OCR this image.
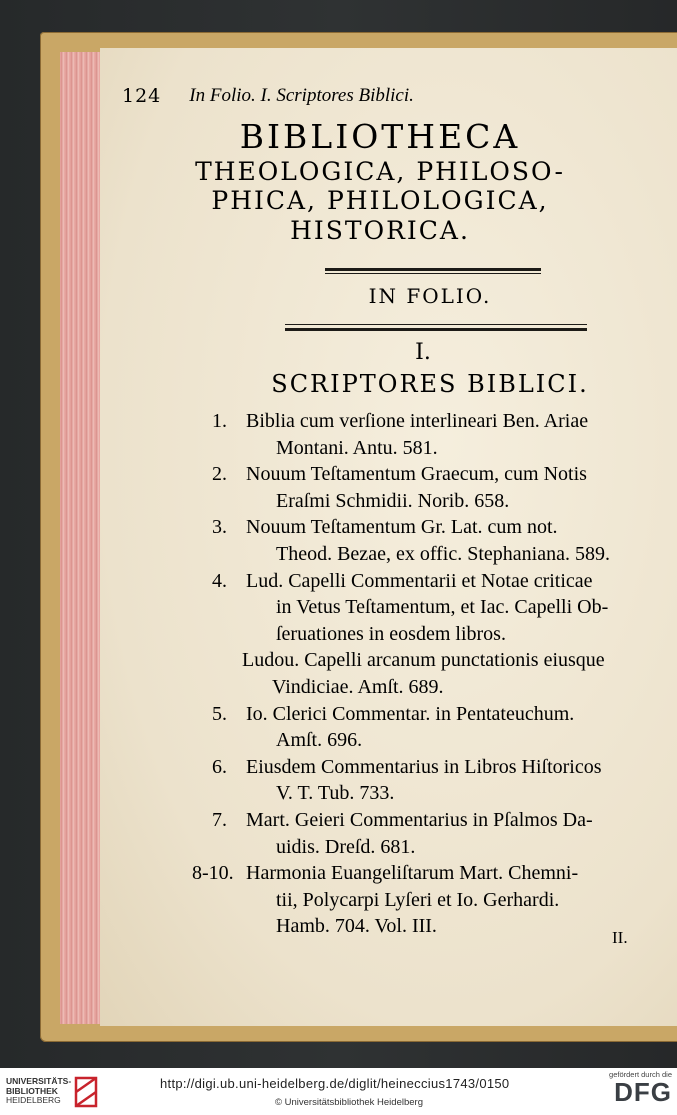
124 In Folio. I. Scriptores Biblici.
BIBLIOTHECA
THEOLOGICA, PHILOSO-
PHICA, PHILOLOGICA,
HISTORICA.
IN FOLIO.
I.
SCRIPTORES BIBLICI.
1. Biblia cum verſione interlineari Ben. Ariae
Montani. Antu. 581.
2. Nouum Teſtamentum Graecum, cum Notis
Eraſmi Schmidii. Norib. 658.
3. Nouum Teſtamentum Gr. Lat. cum not.
Theod. Bezae, ex offic. Stephaniana. 589.
4. Lud. Capelli Commentarii et Notae criticae
in Vetus Teſtamentum, et Iac. Capelli Ob-
ſeruationes in eosdem libros.
Ludou. Capelli arcanum punctationis eiusque
Vindiciae. Amſt. 689.
5. Io. Clerici Commentar. in Pentateuchum.
Amſt. 696.
6. Eiusdem Commentarius in Libros Hiſtoricos
V. T. Tub. 733.
7. Mart. Geieri Commentarius in Pſalmos Da-
uidis. Dreſd. 681.
8-10. Harmonia Euangeliſtarum Mart. Chemni-
tii, Polycarpi Lyſeri et Io. Gerhardi.
Hamb. 704. Vol. III.
II.
UNIVERSITÄTS-
BIBLIOTHEK
HEIDELBERG
http://digi.ub.uni-heidelberg.de/diglit/heineccius1743/0150
© Universitätsbibliothek Heidelberg
gefördert durch die
DFG
